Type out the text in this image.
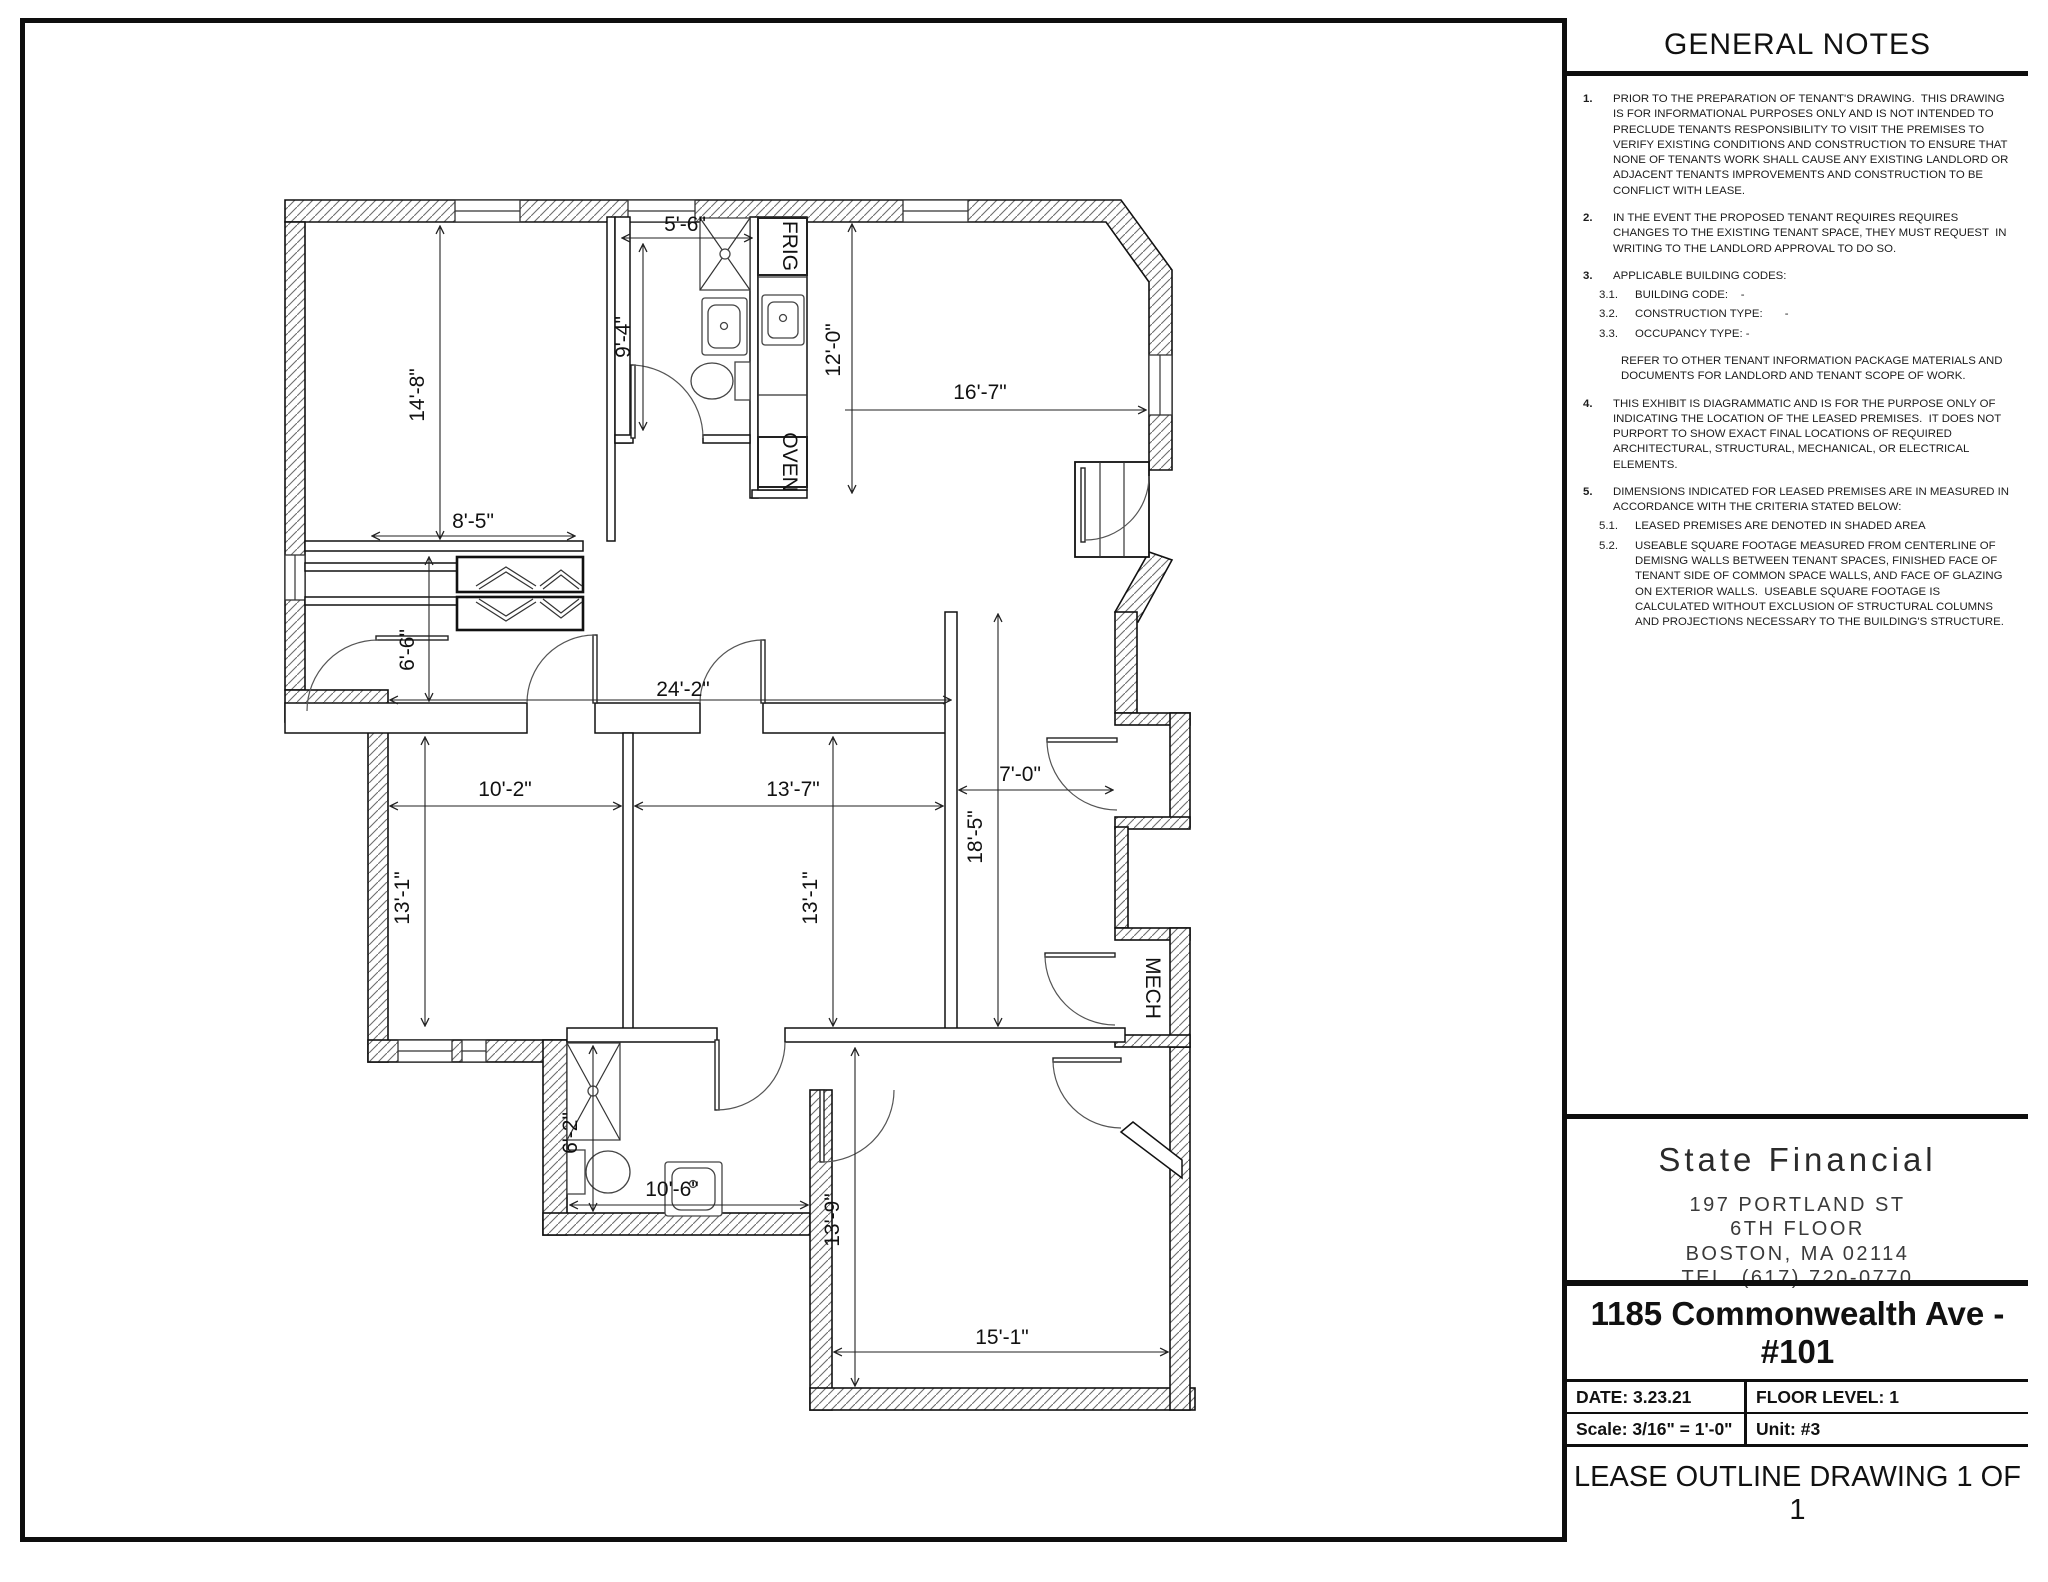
5'-6"
9'-4"	12'-0"
16'-7"
14'-8"
8'-5"
6'-6"
24'-2"
10'-2"	13'-7"
13'-1"	13'-1"
7'-0"
18'-5"
6'-2"
10'-6"
13'-9"
15'-1"
FRIG
OVEN
MECH
GENERAL NOTES
1.	PRIOR TO THE PREPARATION OF TENANT'S DRAWING.  THIS DRAWING IS FOR INFORMATIONAL PURPOSES ONLY AND IS NOT INTENDED TO PRECLUDE TENANTS RESPONSIBILITY TO VISIT THE PREMISES TO VERIFY EXISTING CONDITIONS AND CONSTRUCTION TO ENSURE THAT NONE OF TENANTS WORK SHALL CAUSE ANY EXISTING LANDLORD OR ADJACENT TENANTS IMPROVEMENTS AND CONSTRUCTION TO BE CONFLICT WITH LEASE.
2.	IN THE EVENT THE PROPOSED TENANT REQUIRES REQUIRES CHANGES TO THE EXISTING TENANT SPACE, THEY MUST REQUEST  IN WRITING TO THE LANDLORD APPROVAL TO DO SO.
3.	APPLICABLE BUILDING CODES:
3.1.	BUILDING CODE:    -
3.2.	CONSTRUCTION TYPE:       -
3.3.	OCCUPANCY TYPE: -
REFER TO OTHER TENANT INFORMATION PACKAGE MATERIALS AND DOCUMENTS FOR LANDLORD AND TENANT SCOPE OF WORK.
4.	THIS EXHIBIT IS DIAGRAMMATIC AND IS FOR THE PURPOSE ONLY OF INDICATING THE LOCATION OF THE LEASED PREMISES.  IT DOES NOT PURPORT TO SHOW EXACT FINAL LOCATIONS OF REQUIRED ARCHITECTURAL, STRUCTURAL, MECHANICAL, OR ELECTRICAL ELEMENTS.
5.	DIMENSIONS INDICATED FOR LEASED PREMISES ARE IN MEASURED IN ACCORDANCE WITH THE CRITERIA STATED BELOW:
5.1.	LEASED PREMISES ARE DENOTED IN SHADED AREA
5.2.	USEABLE SQUARE FOOTAGE MEASURED FROM CENTERLINE OF DEMISNG WALLS BETWEEN TENANT SPACES, FINISHED FACE OF TENANT SIDE OF COMMON SPACE WALLS, AND FACE OF GLAZING ON EXTERIOR WALLS.  USEABLE SQUARE FOOTAGE IS CALCULATED WITHOUT EXCLUSION OF STRUCTURAL COLUMNS AND PROJECTIONS NECESSARY TO THE BUILDING'S STRUCTURE.
State Financial
197 PORTLAND ST
6TH FLOOR
BOSTON, MA 02114
TEL. (617) 720-0770
1185 Commonwealth Ave - #101
DATE: 3.23.21	FLOOR LEVEL: 1
Scale: 3/16" = 1'-0"	Unit: #3
LEASE OUTLINE DRAWING 1 OF 1
